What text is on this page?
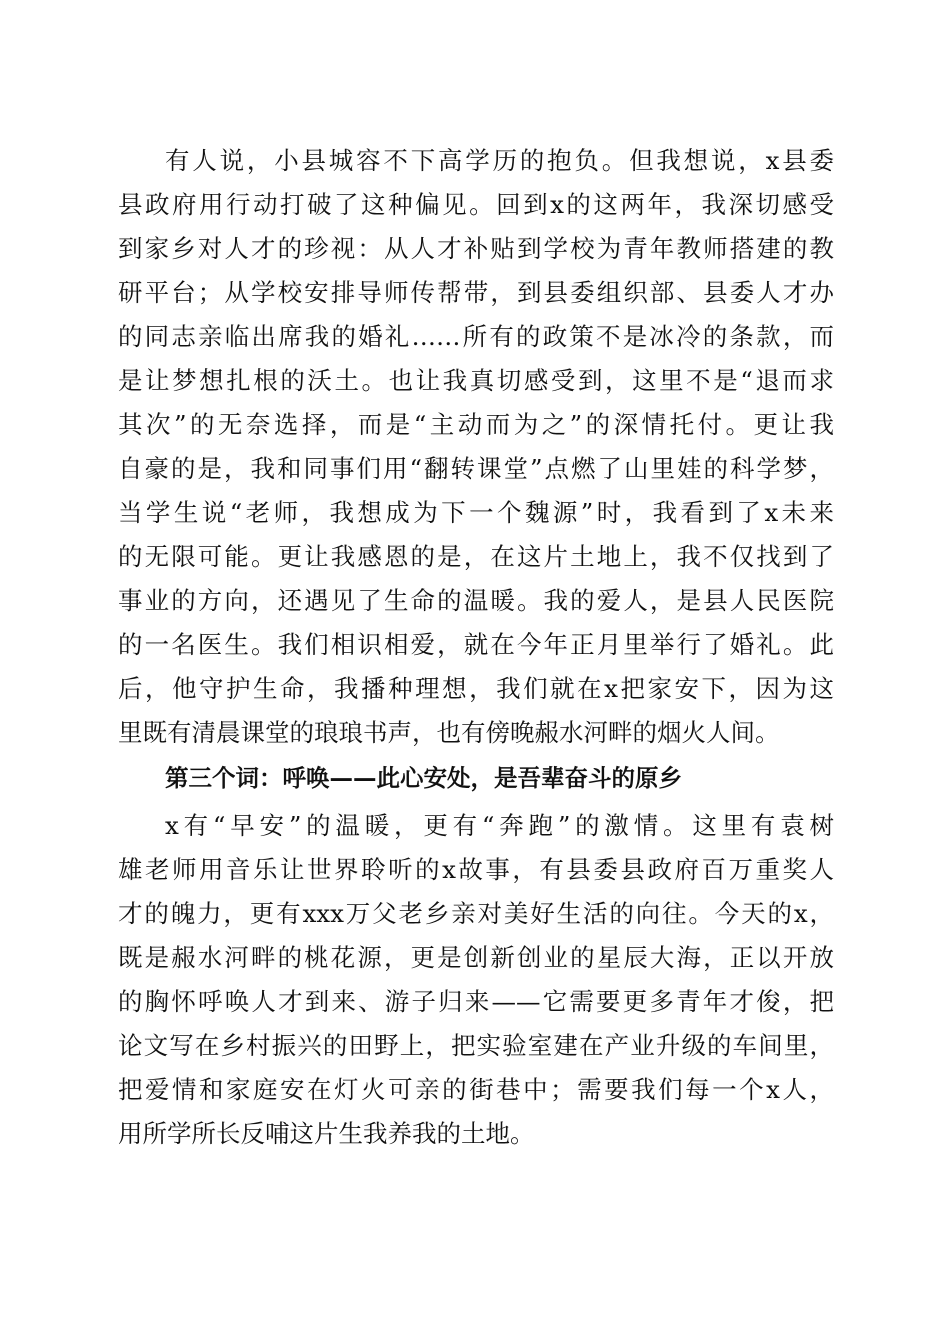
有人说，小县城容不下高学历的抱负。但我想说，x县委
县政府用行动打破了这种偏见。回到x的这两年，我深切感受
到家乡对人才的珍视：从人才补贴到学校为青年教师搭建的教
研平台；从学校安排导师传帮带，到县委组织部、县委人才办
的同志亲临出席我的婚礼……所有的政策不是冰冷的条款，而
是让梦想扎根的沃土。也让我真切感受到，这里不是“退而求
其次”的无奈选择，而是“主动而为之”的深情托付。更让我
自豪的是，我和同事们用“翻转课堂”点燃了山里娃的科学梦，
当学生说“老师，我想成为下一个魏源”时，我看到了x未来
的无限可能。更让我感恩的是，在这片土地上，我不仅找到了
事业的方向，还遇见了生命的温暖。我的爱人，是县人民医院
的一名医生。我们相识相爱，就在今年正月里举行了婚礼。此
后，他守护生命，我播种理想，我们就在x把家安下，因为这
里既有清晨课堂的琅琅书声，也有傍晚赧水河畔的烟火人间。
第三个词：呼唤——此心安处，是吾辈奋斗的原乡
x有“早安”的温暖，更有“奔跑”的激情。这里有袁树
雄老师用音乐让世界聆听的x故事，有县委县政府百万重奖人
才的魄力，更有xxx万父老乡亲对美好生活的向往。今天的x，
既是赧水河畔的桃花源，更是创新创业的星辰大海，正以开放
的胸怀呼唤人才到来、游子归来——它需要更多青年才俊，把
论文写在乡村振兴的田野上，把实验室建在产业升级的车间里，
把爱情和家庭安在灯火可亲的街巷中；需要我们每一个x人，
用所学所长反哺这片生我养我的土地。
